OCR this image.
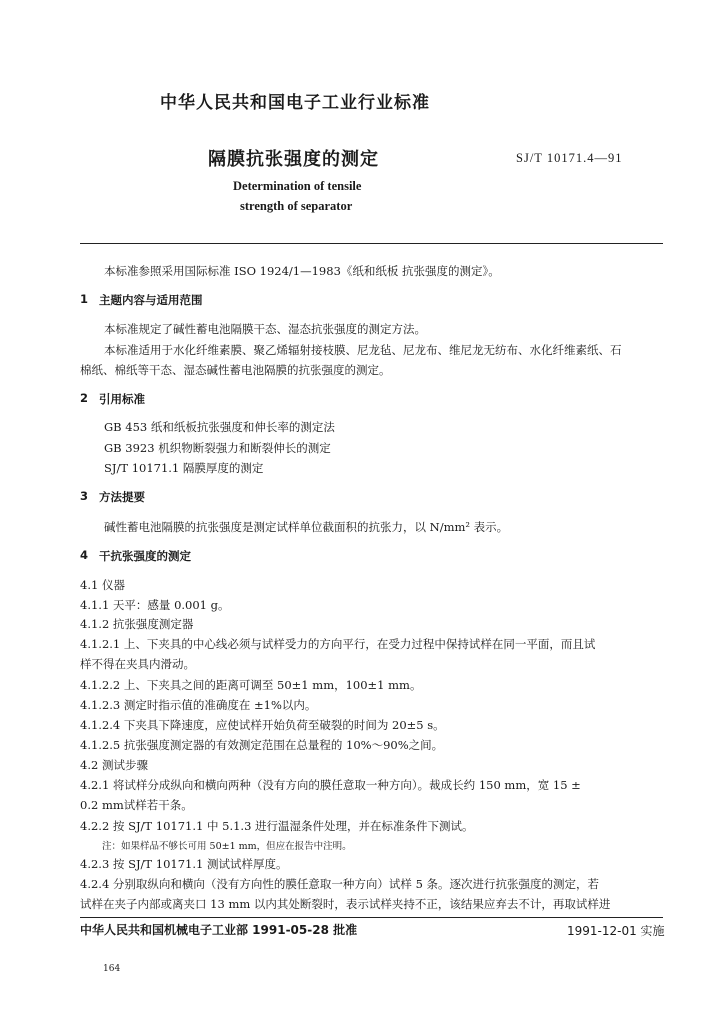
中华人民共和国电子工业行业标准
隔膜抗张强度的测定	SJ/T 10171.4—91
Determination of tensile
strength of separator
本标准参照采用国际标准 ISO 1924/1—1983《纸和纸板 抗张强度的测定》。
1 主题内容与适用范围
本标准规定了碱性蓄电池隔膜干态、湿态抗张强度的测定方法。
本标准适用于水化纤维素膜、聚乙烯辐射接枝膜、尼龙毡、尼龙布、维尼龙无纺布、水化纤维素纸、石
棉纸、棉纸等干态、湿态碱性蓄电池隔膜的抗张强度的测定。
2 引用标准
GB 453 纸和纸板抗张强度和伸长率的测定法
GB 3923 机织物断裂强力和断裂伸长的测定
SJ/T 10171.1 隔膜厚度的测定
3 方法提要
碱性蓄电池隔膜的抗张强度是测定试样单位截面积的抗张力，以 N/mm² 表示。
4 干抗张强度的测定
4.1 仪器
4.1.1 天平：感量 0.001 g。
4.1.2 抗张强度测定器
4.1.2.1 上、下夹具的中心线必须与试样受力的方向平行，在受力过程中保持试样在同一平面，而且试
样不得在夹具内滑动。
4.1.2.2 上、下夹具之间的距离可调至 50±1 mm，100±1 mm。
4.1.2.3 测定时指示值的准确度在 ±1%以内。
4.1.2.4 下夹具下降速度，应使试样开始负荷至破裂的时间为 20±5 s。
4.1.2.5 抗张强度测定器的有效测定范围在总量程的 10%～90%之间。
4.2 测试步骤
4.2.1 将试样分成纵向和横向两种（没有方向的膜任意取一种方向）。裁成长约 150 mm，宽 15 ±
0.2 mm试样若干条。
4.2.2 按 SJ/T 10171.1 中 5.1.3 进行温湿条件处理，并在标准条件下测试。
注：如果样品不够长可用 50±1 mm，但应在报告中注明。
4.2.3 按 SJ/T 10171.1 测试试样厚度。
4.2.4 分别取纵向和横向（没有方向性的膜任意取一种方向）试样 5 条。逐次进行抗张强度的测定，若
试样在夹子内部或离夹口 13 mm 以内其处断裂时，表示试样夹持不正，该结果应弃去不计，再取试样进
中华人民共和国机械电子工业部 1991-05-28 批准	1991-12-01 实施
164
